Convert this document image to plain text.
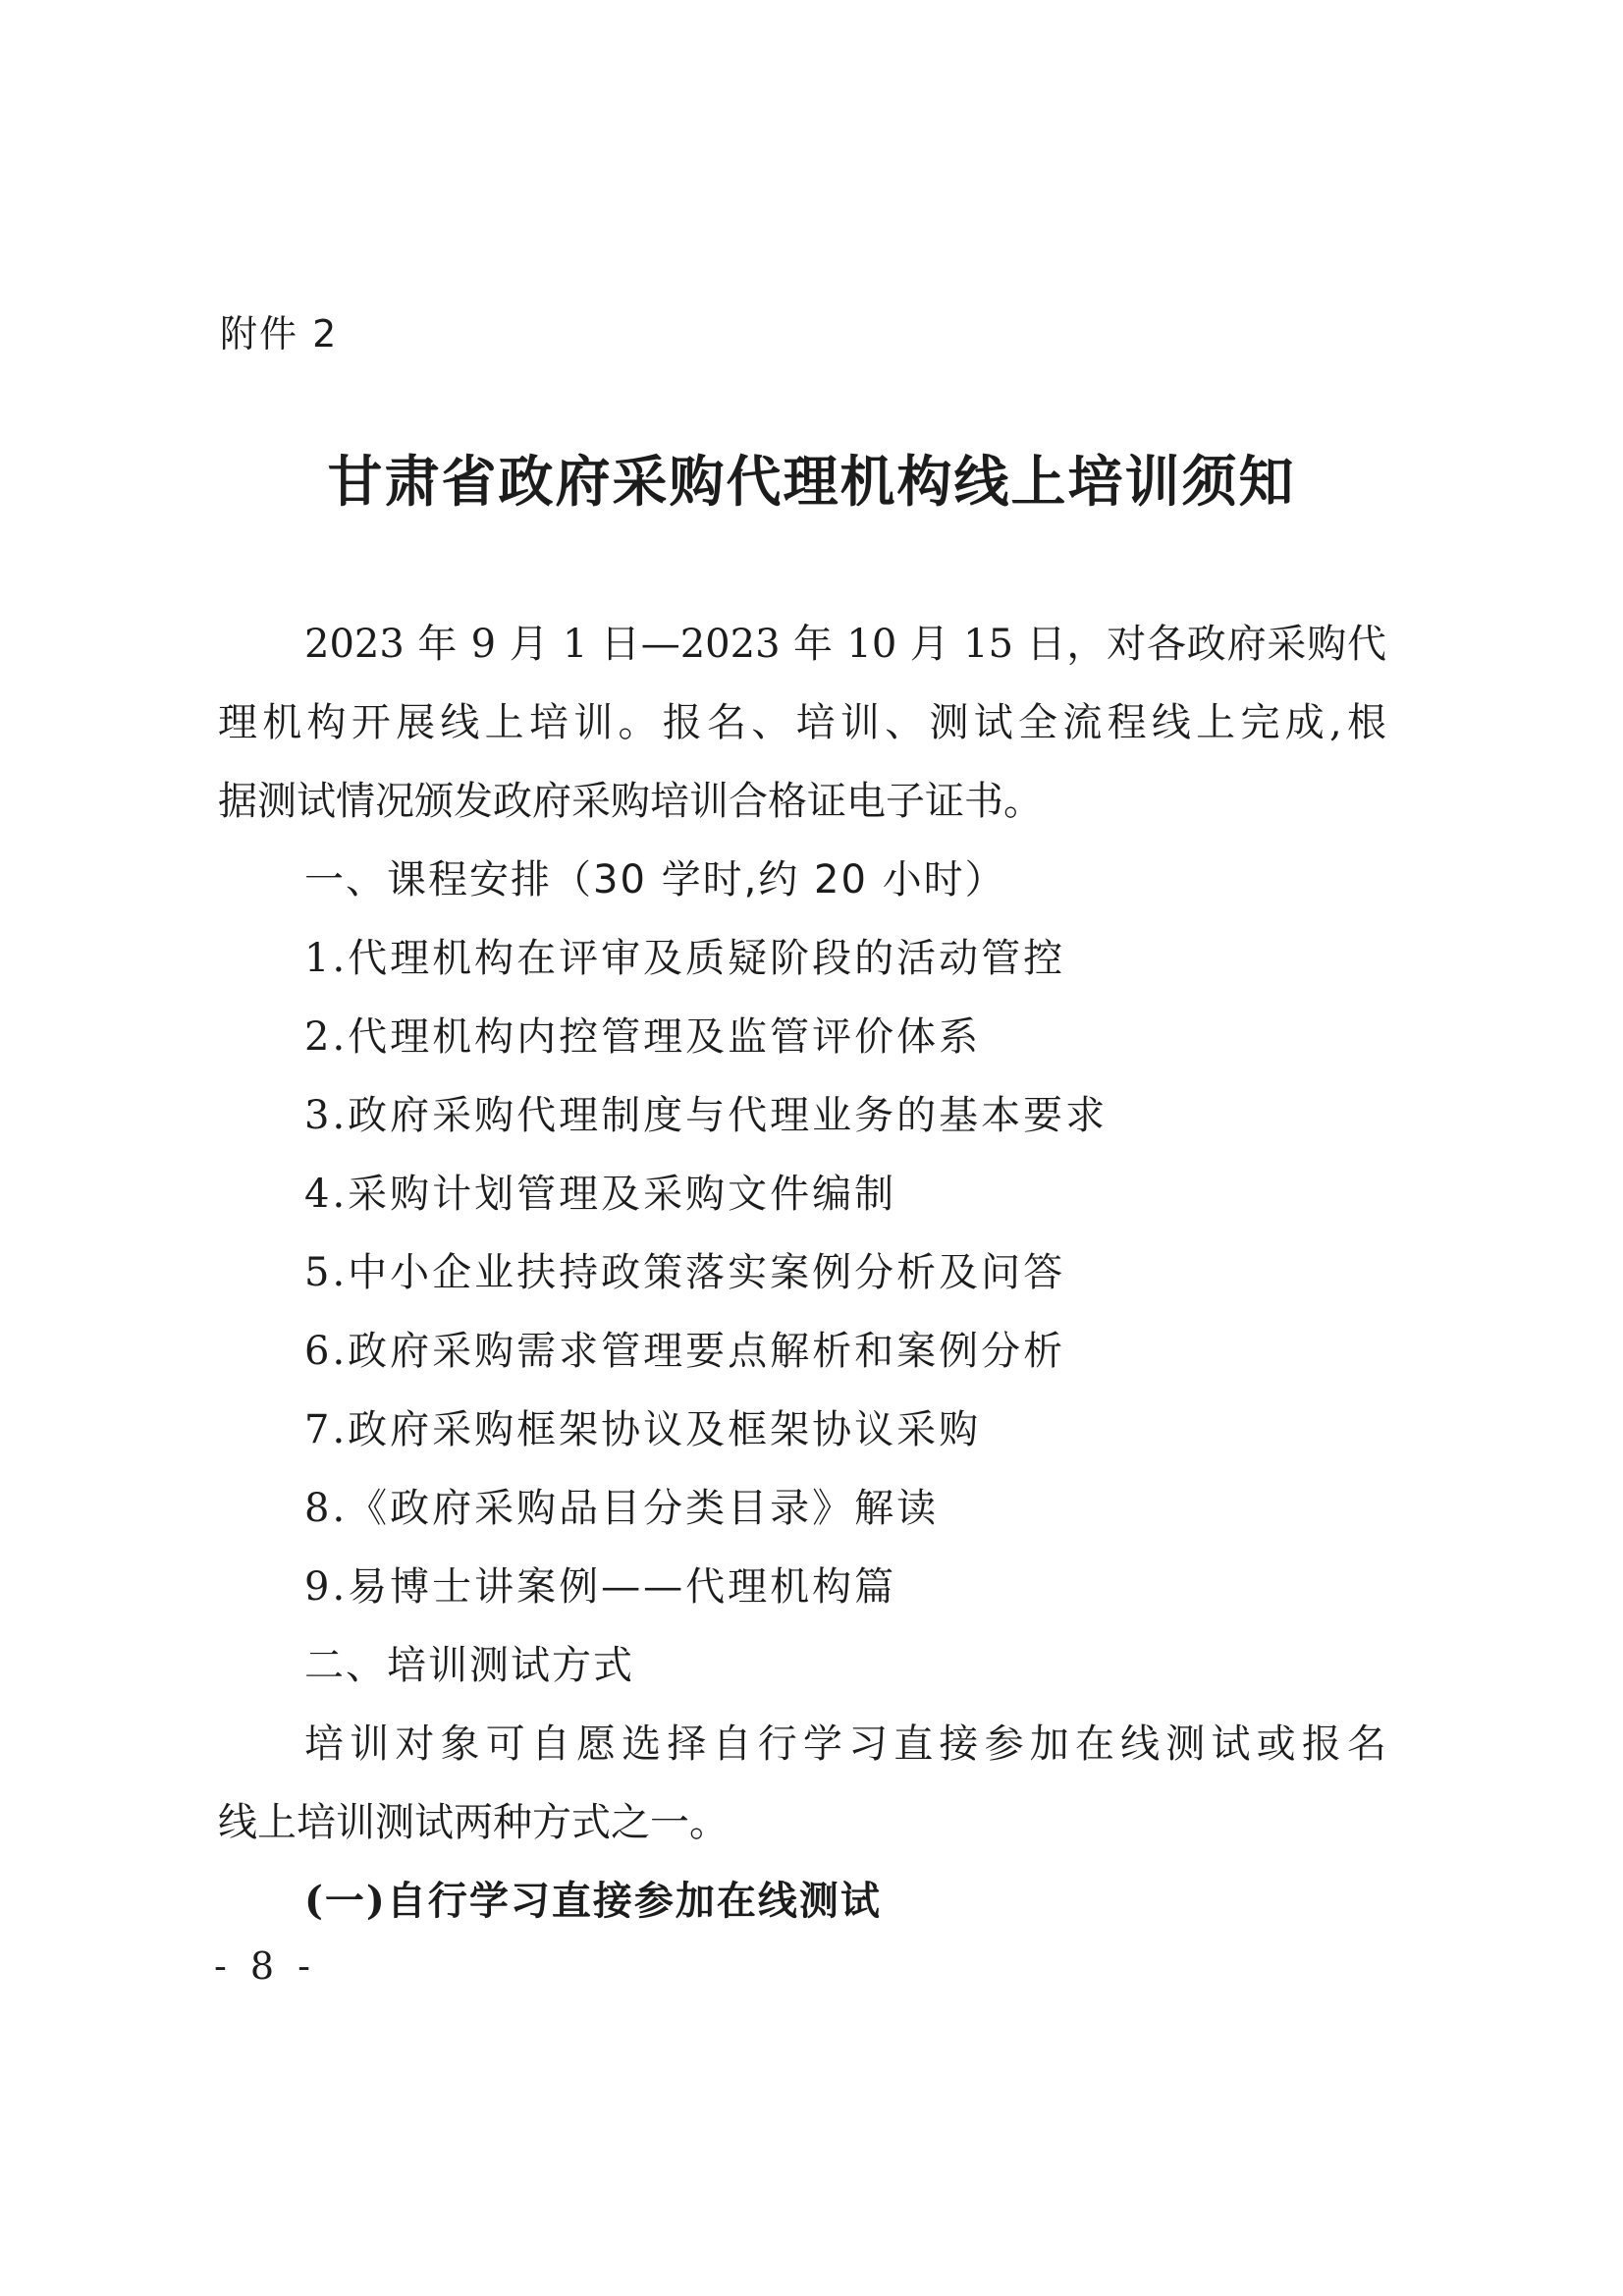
附件 2
甘肃省政府采购代理机构线上培训须知
2023 年 9 月 1 日—2023 年 10 月 15 日，对各政府采购代
理机构开展线上培训。报名、培训、测试全流程线上完成,根
据测试情况颁发政府采购培训合格证电子证书。
一、课程安排（30 学时,约 20 小时）
1.代理机构在评审及质疑阶段的活动管控
2.代理机构内控管理及监管评价体系
3.政府采购代理制度与代理业务的基本要求
4.采购计划管理及采购文件编制
5.中小企业扶持政策落实案例分析及问答
6.政府采购需求管理要点解析和案例分析
7.政府采购框架协议及框架协议采购
8.《政府采购品目分类目录》解读
9.易博士讲案例——代理机构篇
二、培训测试方式
培训对象可自愿选择自行学习直接参加在线测试或报名
线上培训测试两种方式之一。
(一)自行学习直接参加在线测试
- 8 -
